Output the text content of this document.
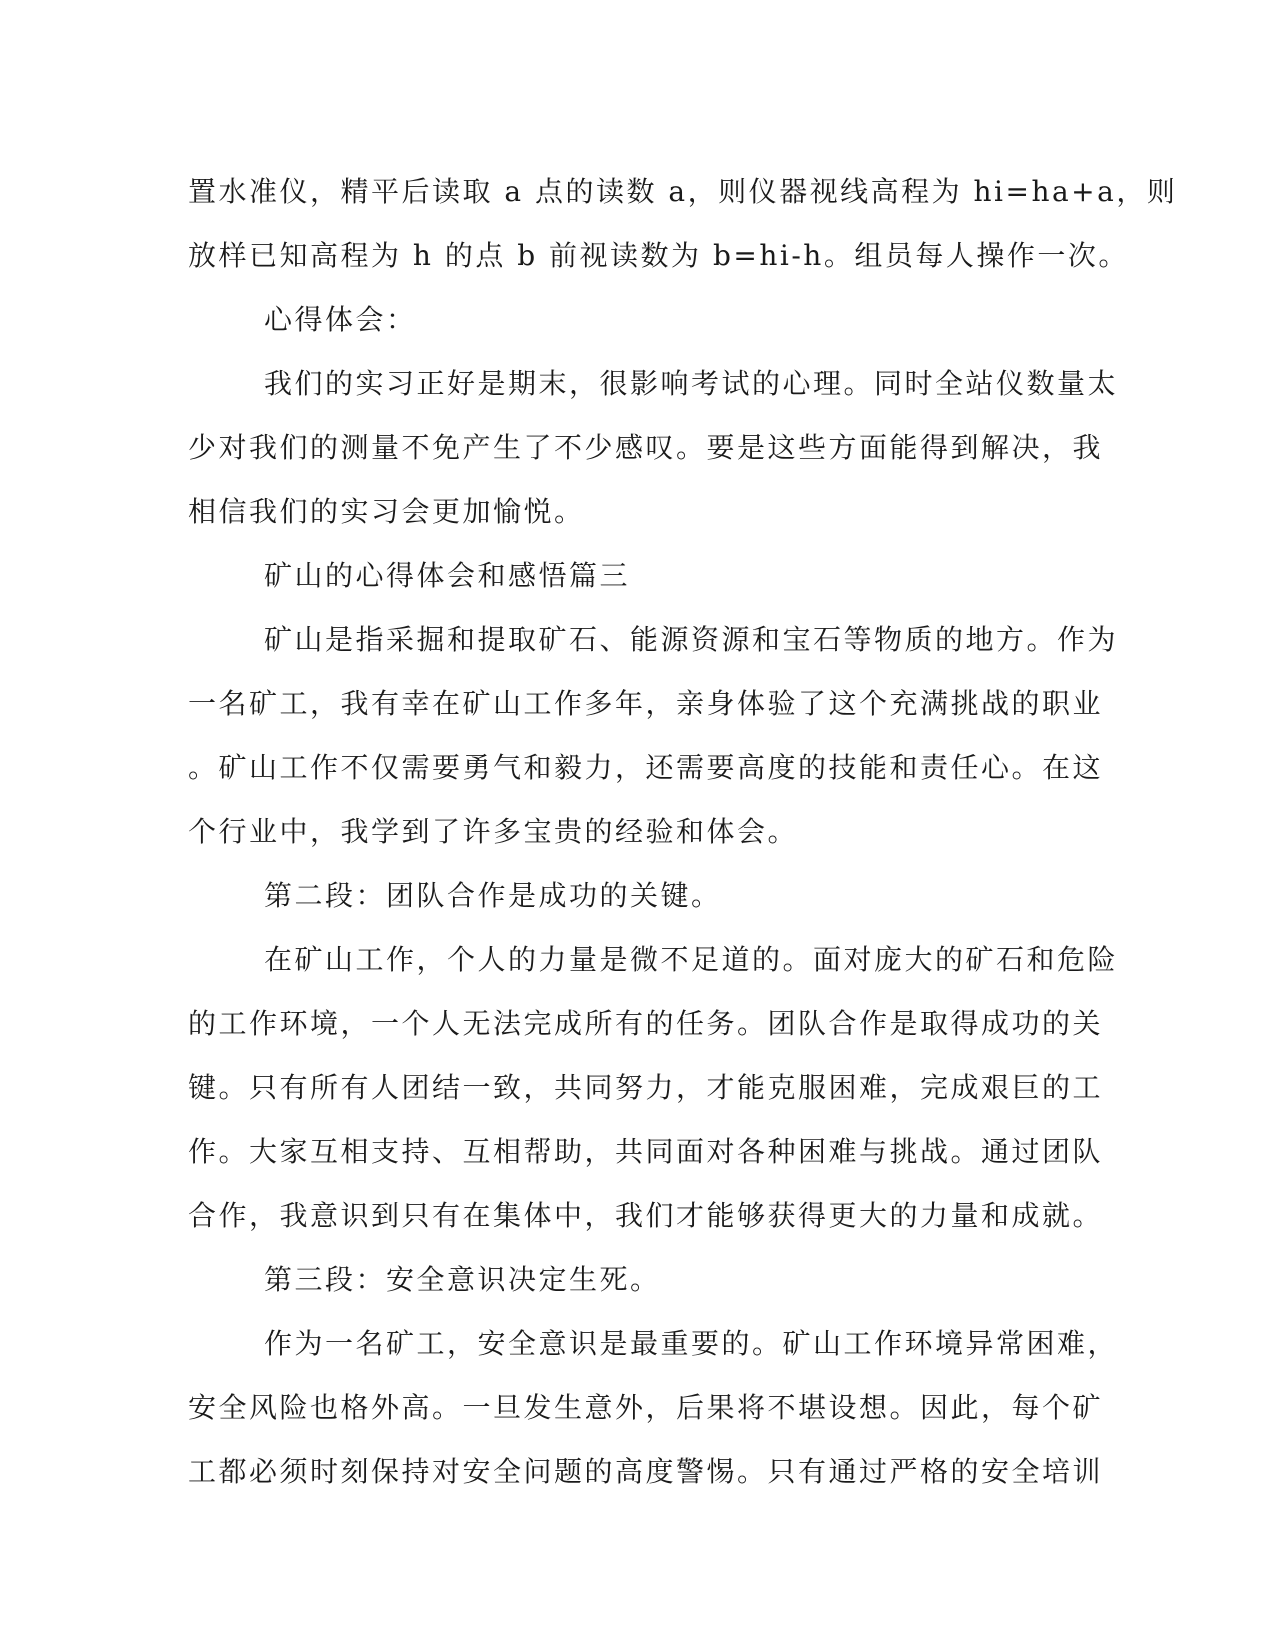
置水准仪，精平后读取 a 点的读数 a，则仪器视线高程为 hi=ha+a，则
放样已知高程为 h 的点 b 前视读数为 b=hi-h。组员每人操作一次。
心得体会：
我们的实习正好是期末，很影响考试的心理。同时全站仪数量太
少对我们的测量不免产生了不少感叹。要是这些方面能得到解决，我
相信我们的实习会更加愉悦。
矿山的心得体会和感悟篇三
矿山是指采掘和提取矿石、能源资源和宝石等物质的地方。作为
一名矿工，我有幸在矿山工作多年，亲身体验了这个充满挑战的职业
。矿山工作不仅需要勇气和毅力，还需要高度的技能和责任心。在这
个行业中，我学到了许多宝贵的经验和体会。
第二段：团队合作是成功的关键。
在矿山工作，个人的力量是微不足道的。面对庞大的矿石和危险
的工作环境，一个人无法完成所有的任务。团队合作是取得成功的关
键。只有所有人团结一致，共同努力，才能克服困难，完成艰巨的工
作。大家互相支持、互相帮助，共同面对各种困难与挑战。通过团队
合作，我意识到只有在集体中，我们才能够获得更大的力量和成就。
第三段：安全意识决定生死。
作为一名矿工，安全意识是最重要的。矿山工作环境异常困难，
安全风险也格外高。一旦发生意外，后果将不堪设想。因此，每个矿
工都必须时刻保持对安全问题的高度警惕。只有通过严格的安全培训
